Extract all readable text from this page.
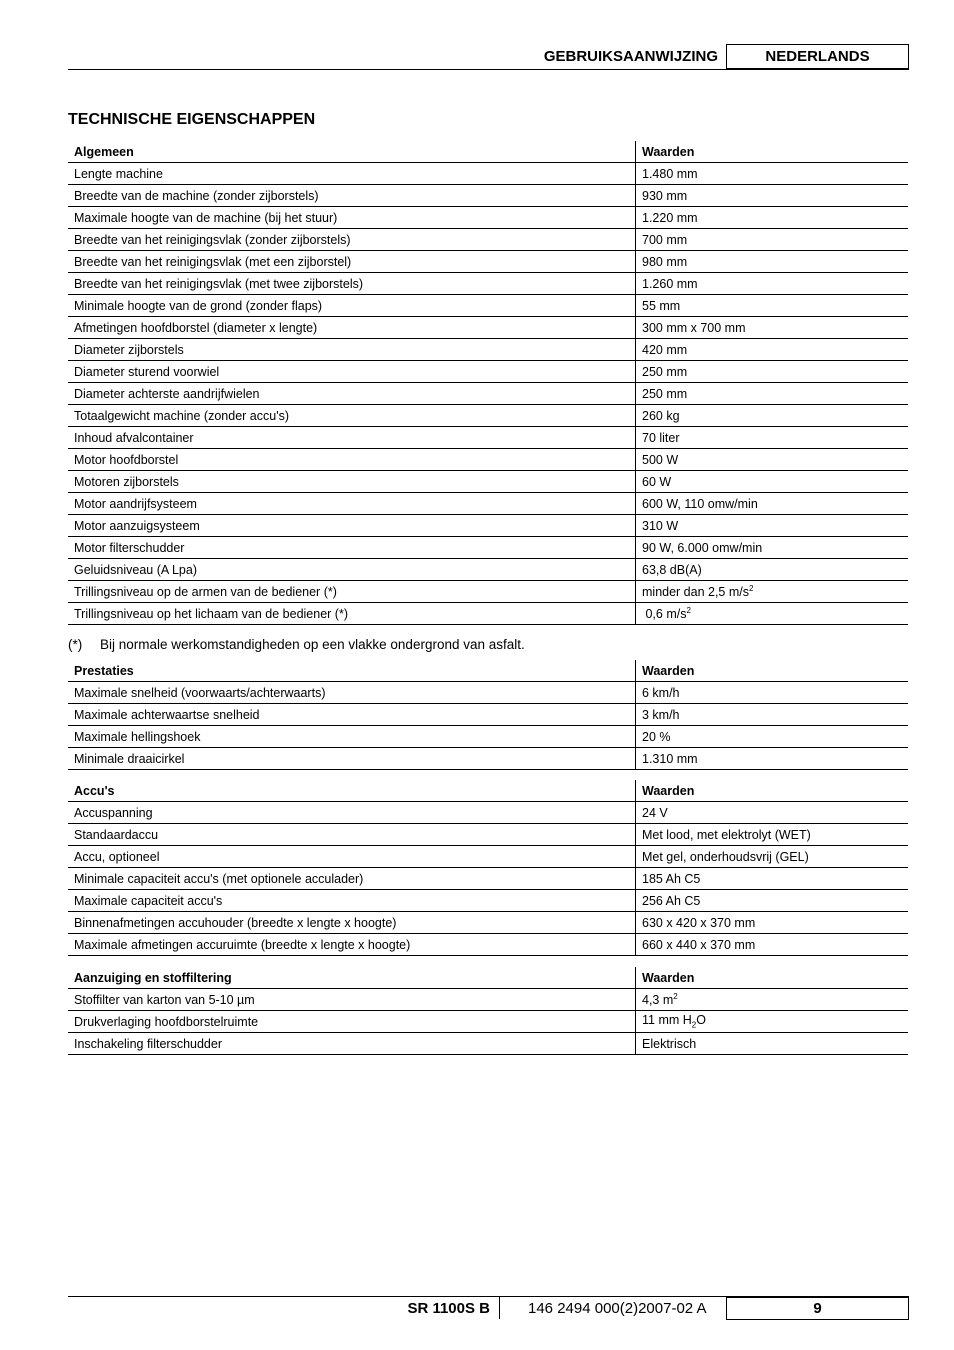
GEBRUIKSAANWIJZING	NEDERLANDS
TECHNISCHE EIGENSCHAPPEN
Algemeen	Waarden
Lengte machine	1.480 mm
Breedte van de machine (zonder zijborstels)	930 mm
Maximale hoogte van de machine (bij het stuur)	1.220 mm
Breedte van het reinigingsvlak (zonder zijborstels)	700 mm
Breedte van het reinigingsvlak (met een zijborstel)	980 mm
Breedte van het reinigingsvlak (met twee zijborstels)	1.260 mm
Minimale hoogte van de grond (zonder flaps)	55 mm
Afmetingen hoofdborstel (diameter x lengte)	300 mm x 700 mm
Diameter zijborstels	420 mm
Diameter sturend voorwiel	250 mm
Diameter achterste aandrijfwielen	250 mm
Totaalgewicht machine (zonder accu's)	260 kg
Inhoud afvalcontainer	70 liter
Motor hoofdborstel	500 W
Motoren zijborstels	60 W
Motor aandrijfsysteem	600 W, 110 omw/min
Motor aanzuigsysteem	310 W
Motor filterschudder	90 W, 6.000 omw/min
Geluidsniveau (A Lpa)	63,8 dB(A)
Trillingsniveau op de armen van de bediener (*)	minder dan 2,5 $m/s^2$
Trillingsniveau op het lichaam van de bediener (*)	0,6 $m/s^2$
(*) Bij normale werkomstandigheden op een vlakke ondergrond van asfalt.
Prestaties	Waarden
Maximale snelheid (voorwaarts/achterwaarts)	6 km/h
Maximale achterwaartse snelheid	3 km/h
Maximale hellingshoek	20 %
Minimale draaicirkel	1.310 mm
Accu's	Waarden
Accuspanning	24 V
Standaardaccu	Met lood, met elektrolyt (WET)
Accu, optioneel	Met gel, onderhoudsvrij (GEL)
Minimale capaciteit accu's (met optionele acculader)	185 Ah C5
Maximale capaciteit accu's	256 Ah C5
Binnenafmetingen accuhouder (breedte x lengte x hoogte)	630 x 420 x 370 mm
Maximale afmetingen accuruimte (breedte x lengte x hoogte)	660 x 440 x 370 mm
Aanzuiging en stoffiltering	Waarden
Stoffilter van karton van 5-10 µm	4,3 $m^2$
Drukverlaging hoofdborstelruimte	11 mm $H_2O$
Inschakeling filterschudder	Elektrisch
SR 1100S B	146 2494 000(2)2007-02 A	9
